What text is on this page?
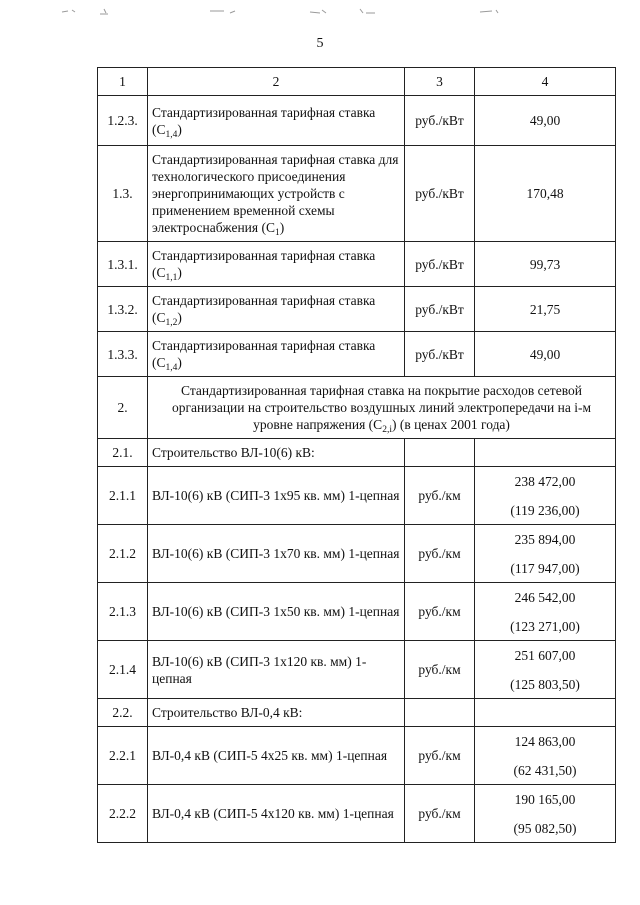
5
1	2	3	4
1.2.3.	Стандартизированная тарифная ставка $(C_{1,4})$	руб./кВт	49,00
1.3.	Стандартизированная тарифная ставка для технологического присоединения энергопринимающих устройств с применением временной схемы электроснабжения $(C_1)$	руб./кВт	170,48
1.3.1.	Стандартизированная тарифная ставка $(C_{1,1})$	руб./кВт	99,73
1.3.2.	Стандартизированная тарифная ставка $(C_{1,2})$	руб./кВт	21,75
1.3.3.	Стандартизированная тарифная ставка $(C_{1,4})$	руб./кВт	49,00
2.	Стандартизированная тарифная ставка на покрытие расходов сетевой организации на строительство воздушных линий электропередачи на i-м уровне напряжения $(C_{2,i})$ (в ценах 2001 года)		
2.1.	Строительство ВЛ-10(6) кВ:		
2.1.1	ВЛ-10(6) кВ (СИП-3 1х95 кв. мм) 1-цепная	руб./км	238 472,00
(119 236,00)

2.1.2	ВЛ-10(6) кВ (СИП-3 1х70 кв. мм) 1-цепная	руб./км	235 894,00
(117 947,00)

2.1.3	ВЛ-10(6) кВ (СИП-3 1х50 кв. мм) 1-цепная	руб./км	246 542,00
(123 271,00)

2.1.4	ВЛ-10(6) кВ (СИП-3 1х120 кв. мм) 1-цепная	руб./км	251 607,00
(125 803,50)

2.2.	Строительство ВЛ-0,4 кВ:		
2.2.1	ВЛ-0,4 кВ (СИП-5 4х25 кв. мм) 1-цепная	руб./км	124 863,00
(62 431,50)

2.2.2	ВЛ-0,4 кВ (СИП-5 4х120 кв. мм) 1-цепная	руб./км	190 165,00
(95 082,50)
